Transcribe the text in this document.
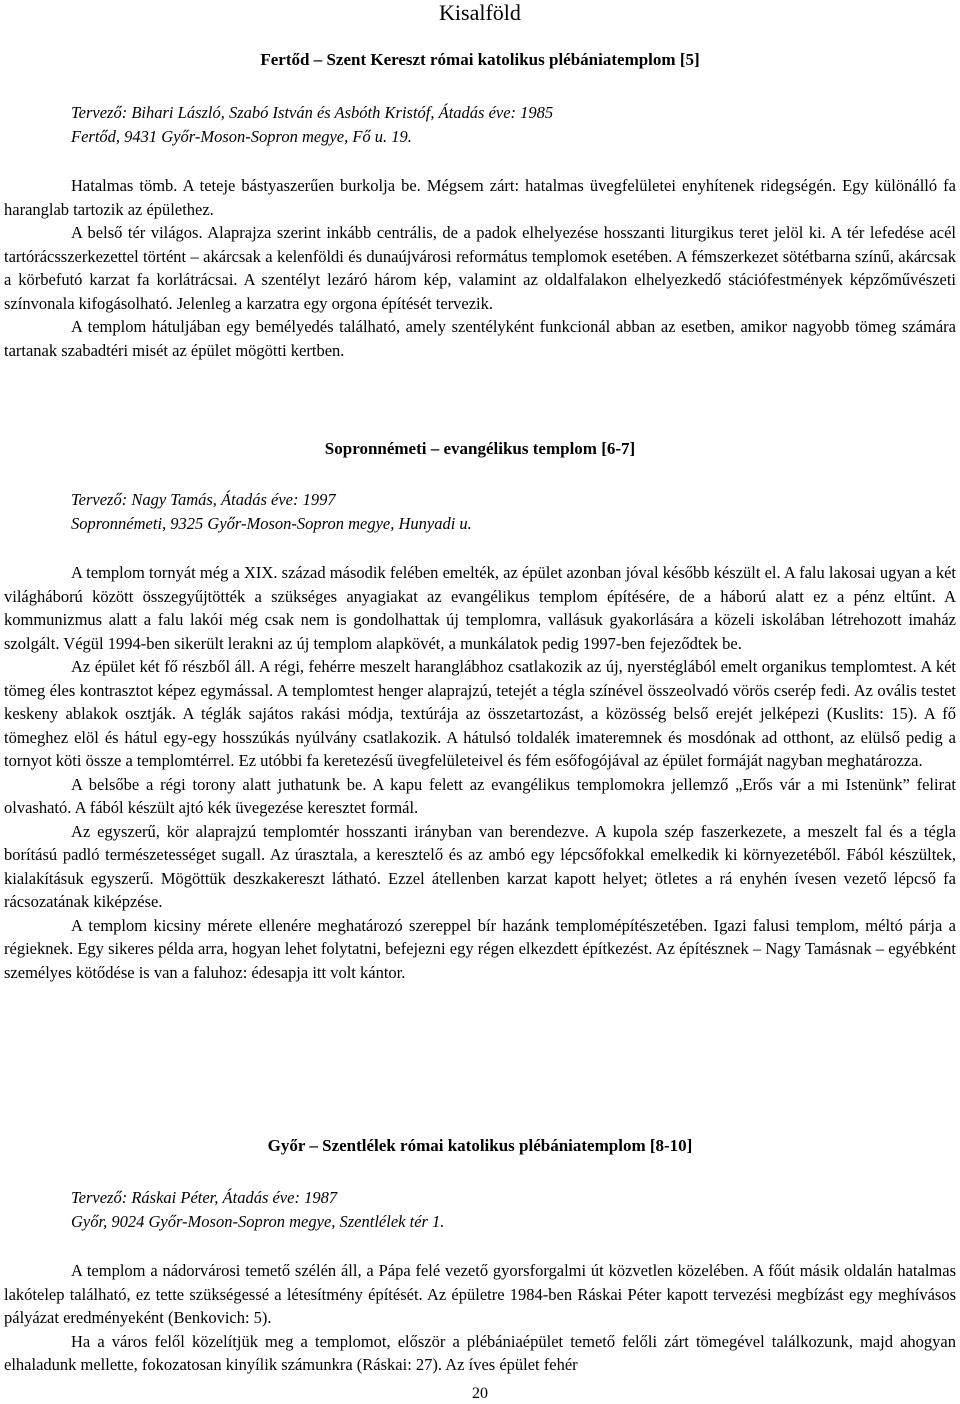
Kisalföld
Fertőd – Szent Kereszt római katolikus plébániatemplom [5]
Tervező: Bihari László, Szabó István és Asbóth Kristóf, Átadás éve: 1985
Fertőd, 9431 Győr-Moson-Sopron megye, Fő u. 19.

Hatalmas tömb. A teteje bástyaszerűen burkolja be. Mégsem zárt: hatalmas üvegfelületei enyhítenek ridegségén. Egy különálló fa haranglab tartozik az épülethez.

A belső tér világos. Alaprajza szerint inkább centrális, de a padok elhelyezése hosszanti liturgikus teret jelöl ki. A tér lefedése acél tartórácsszerkezettel történt – akárcsak a kelenföldi és dunaújvárosi református templomok esetében. A fémszerkezet sötétbarna színű, akárcsak a körbefutó karzat fa korlátrácsai. A szentélyt lezáró három kép, valamint az oldalfalakon elhelyezkedő stációfestmények képzőművészeti színvonala kifogásolható. Jelenleg a karzatra egy orgona építését tervezik.

A templom hátuljában egy bemélyedés található, amely szentélyként funkcionál abban az esetben, amikor nagyobb tömeg számára tartanak szabadtéri misét az épület mögötti kertben.

Sopronnémeti – evangélikus templom [6-7]
Tervező: Nagy Tamás, Átadás éve: 1997
Sopronnémeti, 9325 Győr-Moson-Sopron megye, Hunyadi u.

A templom tornyát még a XIX. század második felében emelték, az épület azonban jóval később készült el. A falu lakosai ugyan a két világháború között összegyűjtötték a szükséges anyagiakat az evangélikus templom építésére, de a háború alatt ez a pénz eltűnt. A kommunizmus alatt a falu lakói még csak nem is gondolhattak új templomra, vallásuk gyakorlására a közeli iskolában létrehozott imaház szolgált. Végül 1994-ben sikerült lerakni az új templom alapkövét, a munkálatok pedig 1997-ben fejeződtek be.

Az épület két fő részből áll. A régi, fehérre meszelt haranglábhoz csatlakozik az új, nyerstéglából emelt organikus templomtest. A két tömeg éles kontrasztot képez egymással. A templomtest henger alaprajzú, tetejét a tégla színével összeolvadó vörös cserép fedi. Az ovális testet keskeny ablakok osztják. A téglák sajátos rakási módja, textúrája az összetartozást, a közösség belső erejét jelképezi (Kuslits: 15). A fő tömeghez elöl és hátul egy-egy hosszúkás nyúlvány csatlakozik. A hátulsó toldalék imateremnek és mosdónak ad otthont, az elülső pedig a tornyot köti össze a templomtérrel. Ez utóbbi fa keretezésű üvegfelületeivel és fém esőfogójával az épület formáját nagyban meghatározza.

A belsőbe a régi torony alatt juthatunk be. A kapu felett az evangélikus templomokra jellemző „Erős vár a mi Istenünk” felirat olvasható. A fából készült ajtó kék üvegezése keresztet formál.

Az egyszerű, kör alaprajzú templomtér hosszanti irányban van berendezve. A kupola szép faszerkezete, a meszelt fal és a tégla borítású padló természetességet sugall. Az úrasztala, a keresztelő és az ambó egy lépcsőfokkal emelkedik ki környezetéből. Fából készültek, kialakításuk egyszerű. Mögöttük deszkakereszt látható. Ezzel átellenben karzat kapott helyet; ötletes a rá enyhén ívesen vezető lépcső fa rácsozatának kiképzése.

A templom kicsiny mérete ellenére meghatározó szereppel bír hazánk templomépítészetében. Igazi falusi templom, méltó párja a régieknek. Egy sikeres példa arra, hogyan lehet folytatni, befejezni egy régen elkezdett építkezést. Az építésznek – Nagy Tamásnak – egyébként személyes kötődése is van a faluhoz: édesapja itt volt kántor.

Győr – Szentlélek római katolikus plébániatemplom [8-10]
Tervező: Ráskai Péter, Átadás éve: 1987
Győr, 9024 Győr-Moson-Sopron megye, Szentlélek tér 1.

A templom a nádorvárosi temető szélén áll, a Pápa felé vezető gyorsforgalmi út közvetlen közelében. A főút másik oldalán hatalmas lakótelep található, ez tette szükségessé a létesítmény építését. Az épületre 1984-ben Ráskai Péter kapott tervezési megbízást egy meghívásos pályázat eredményeként (Benkovich: 5).

Ha a város felől közelítjük meg a templomot, először a plébániaépület temető felőli zárt tömegével találkozunk, majd ahogyan elhaladunk mellette, fokozatosan kinyílik számunkra (Ráskai: 27). Az íves épület fehér

20
